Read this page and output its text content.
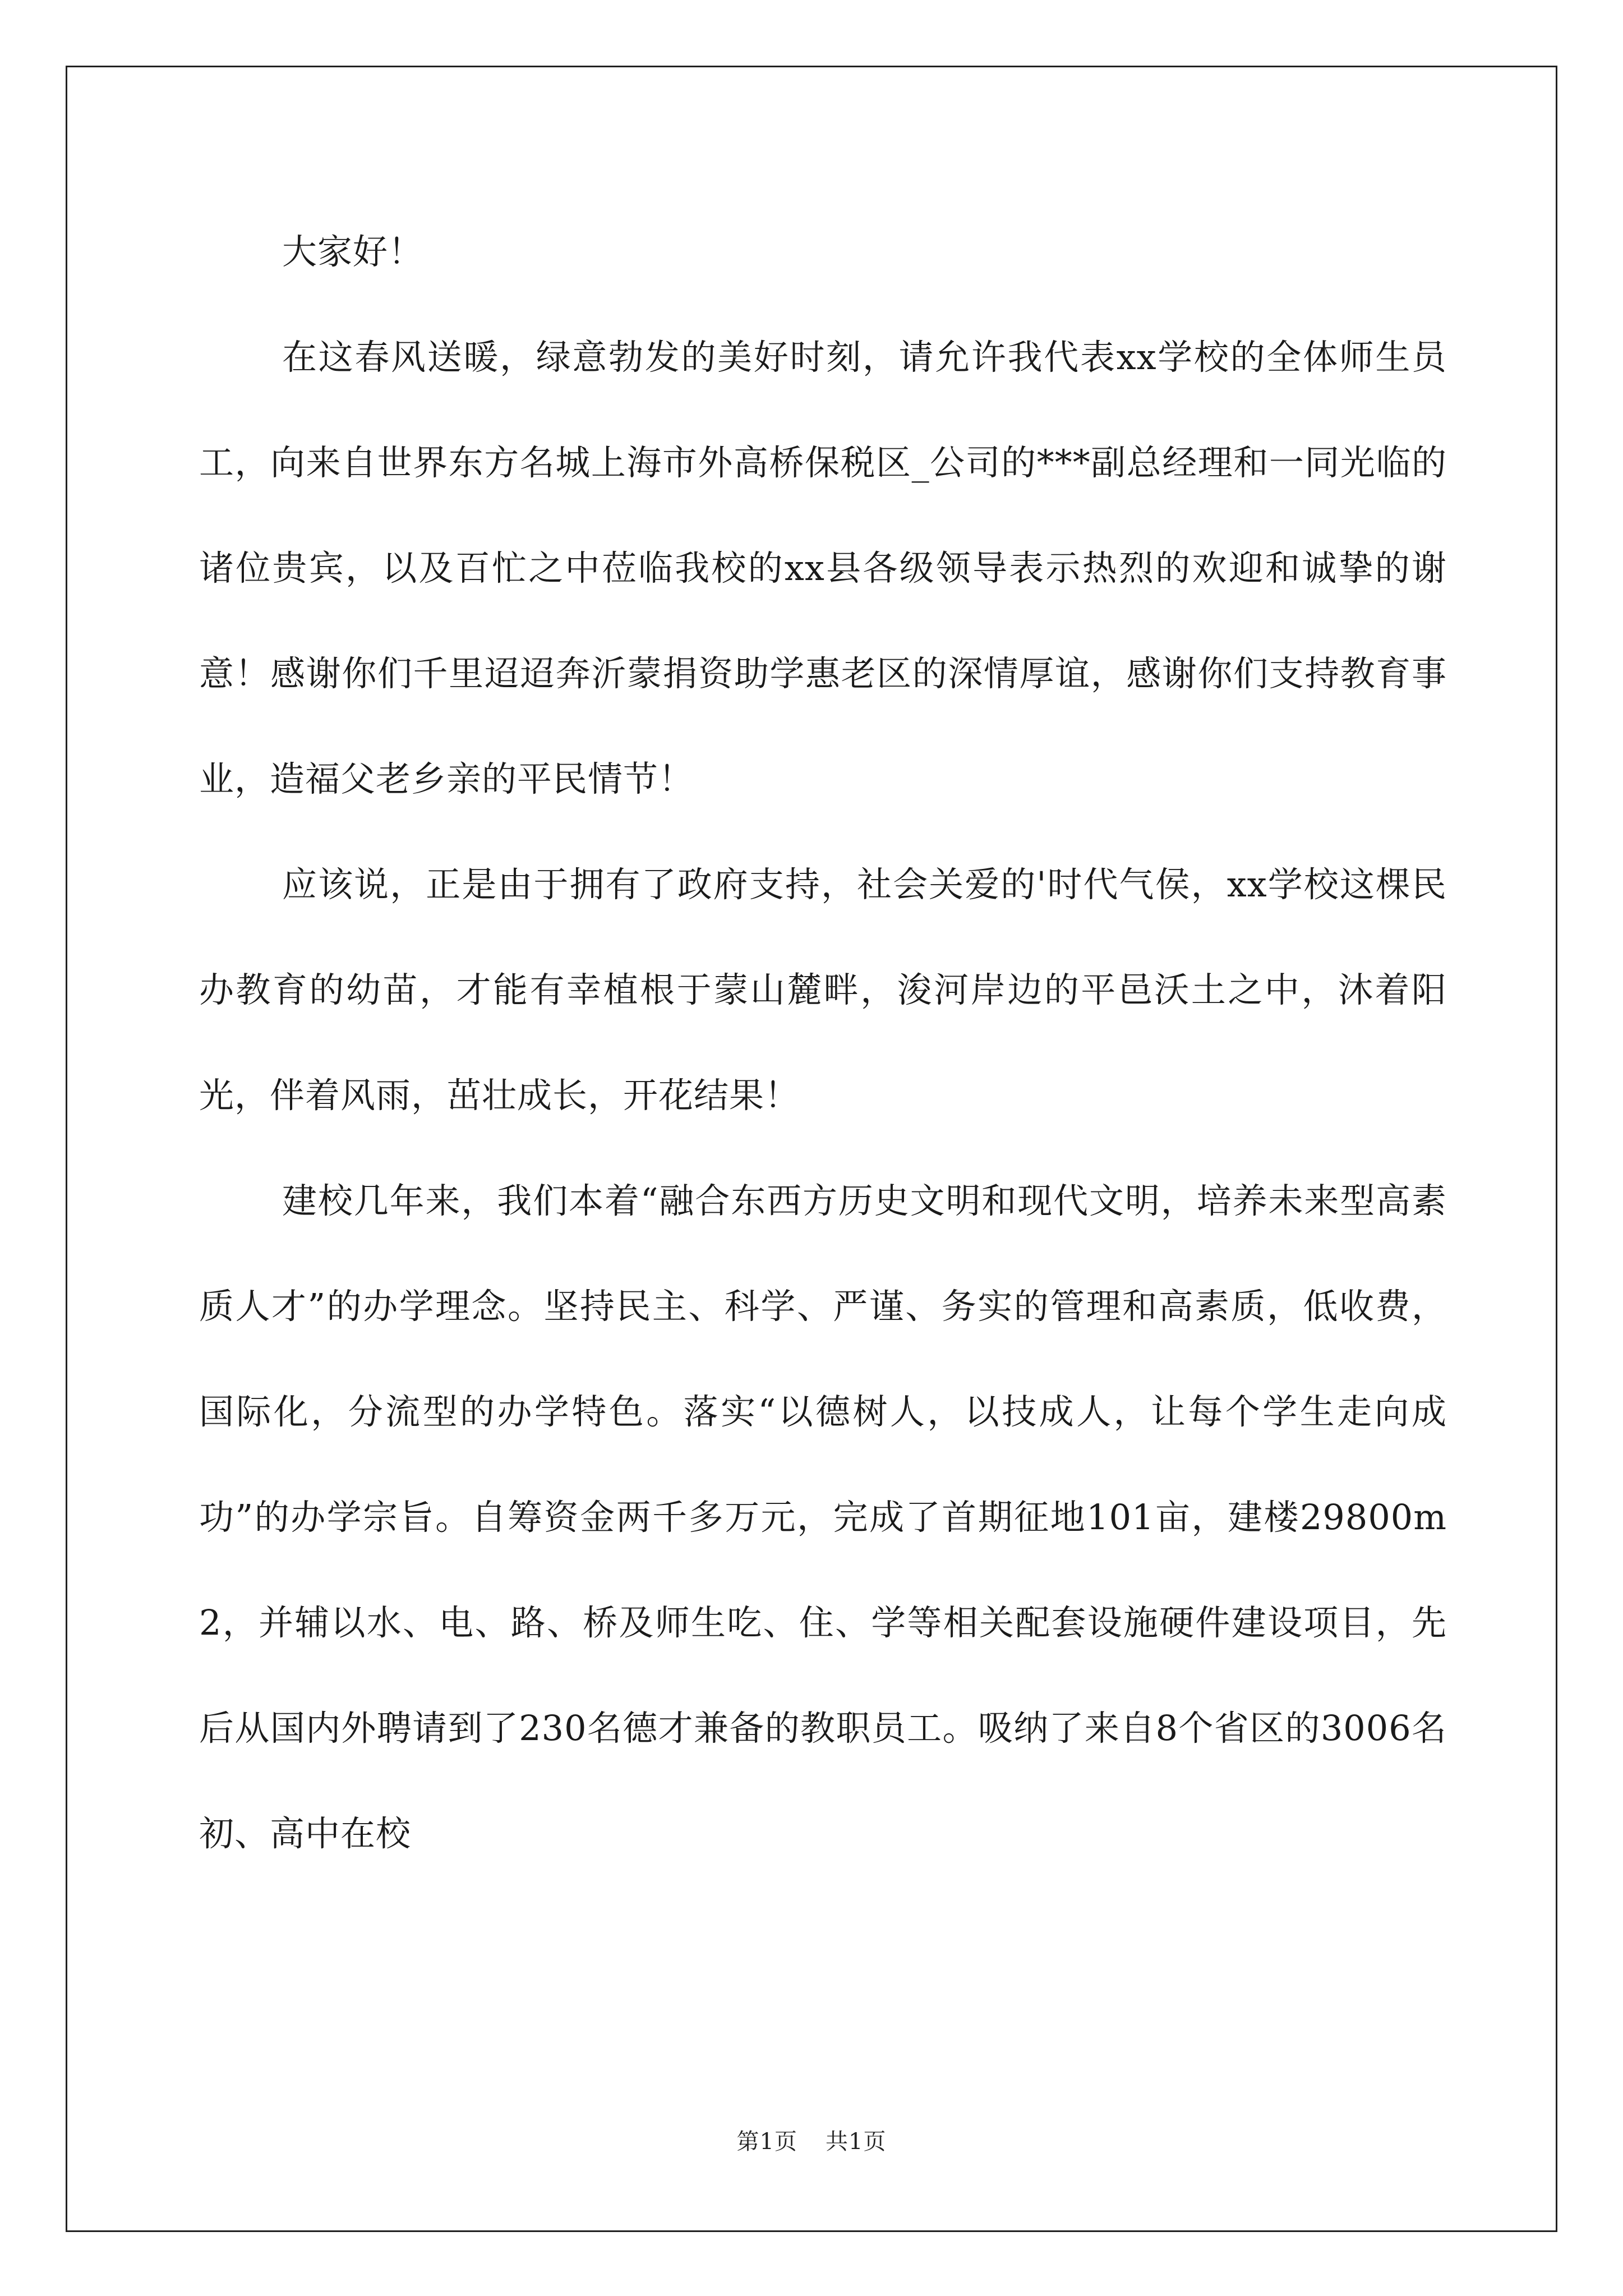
大家好！

在这春风送暖，绿意勃发的美好时刻，请允许我代表xx学校的全体师生员工，向来自世界东方名城上海市外高桥保税区_公司的***副总经理和一同光临的诸位贵宾，以及百忙之中莅临我校的xx县各级领导表示热烈的欢迎和诚挚的谢意！感谢你们千里迢迢奔沂蒙捐资助学惠老区的深情厚谊，感谢你们支持教育事业，造福父老乡亲的平民情节！

应该说，正是由于拥有了政府支持，社会关爱的'时代气侯，xx学校这棵民办教育的幼苗，才能有幸植根于蒙山麓畔，浚河岸边的平邑沃土之中，沐着阳光，伴着风雨，茁壮成长，开花结果！

建校几年来，我们本着“融合东西方历史文明和现代文明，培养未来型高素质人才”的办学理念。坚持民主、科学、严谨、务实的管理和高素质，低收费，国际化，分流型的办学特色。落实“以德树人，以技成人，让每个学生走向成功”的办学宗旨。自筹资金两千多万元，完成了首期征地101亩，建楼29800m2，并辅以水、电、路、桥及师生吃、住、学等相关配套设施硬件建设项目，先后从国内外聘请到了230名德才兼备的教职员工。吸纳了来自8个省区的3006名初、高中在校

第1页 共1页
